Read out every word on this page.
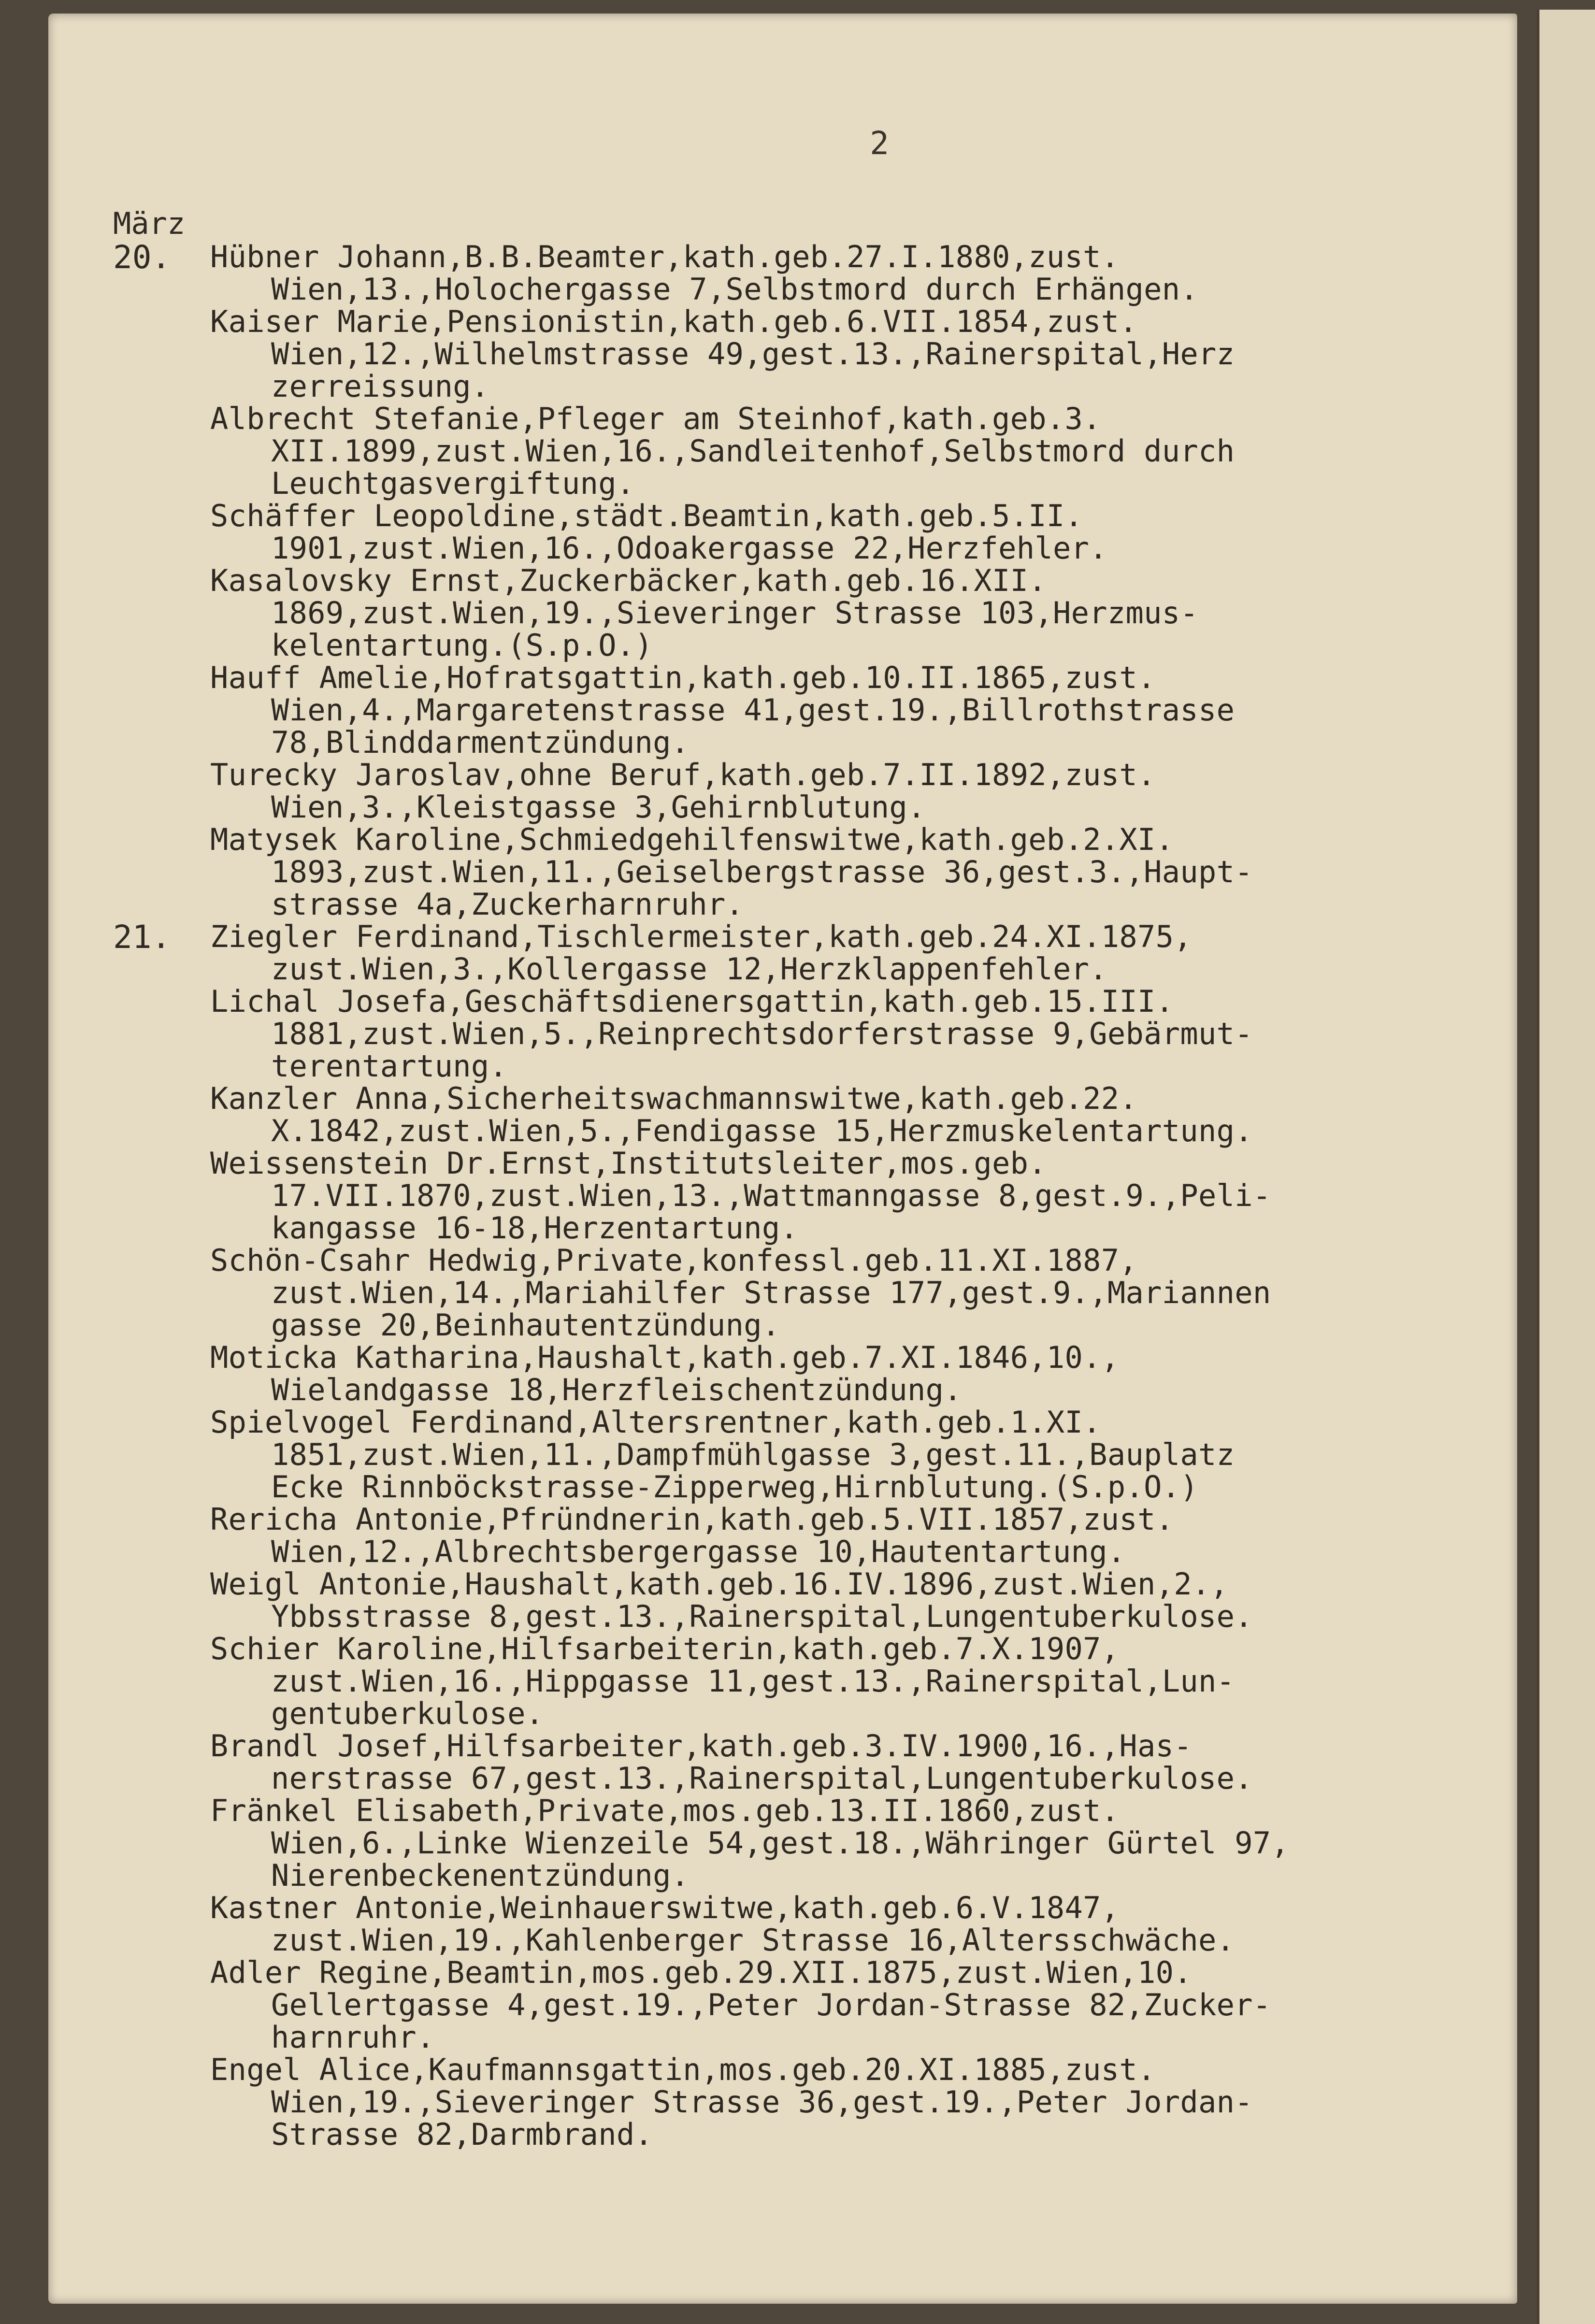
2
März
20.
21.
Hübner Johann,B.B.Beamter,kath.geb.27.I.1880,zust.
Wien,13.,Holochergasse 7,Selbstmord durch Erhängen.
Kaiser Marie,Pensionistin,kath.geb.6.VII.1854,zust.
Wien,12.,Wilhelmstrasse 49,gest.13.,Rainerspital,Herz
zerreissung.
Albrecht Stefanie,Pfleger am Steinhof,kath.geb.3.
XII.1899,zust.Wien,16.,Sandleitenhof,Selbstmord durch
Leuchtgasvergiftung.
Schäffer Leopoldine,städt.Beamtin,kath.geb.5.II.
1901,zust.Wien,16.,Odoakergasse 22,Herzfehler.
Kasalovsky Ernst,Zuckerbäcker,kath.geb.16.XII.
1869,zust.Wien,19.,Sieveringer Strasse 103,Herzmus-
kelentartung.(S.p.O.)
Hauff Amelie,Hofratsgattin,kath.geb.10.II.1865,zust.
Wien,4.,Margaretenstrasse 41,gest.19.,Billrothstrasse
78,Blinddarmentzündung.
Turecky Jaroslav,ohne Beruf,kath.geb.7.II.1892,zust.
Wien,3.,Kleistgasse 3,Gehirnblutung.
Matysek Karoline,Schmiedgehilfenswitwe,kath.geb.2.XI.
1893,zust.Wien,11.,Geiselbergstrasse 36,gest.3.,Haupt-
strasse 4a,Zuckerharnruhr.
Ziegler Ferdinand,Tischlermeister,kath.geb.24.XI.1875,
zust.Wien,3.,Kollergasse 12,Herzklappenfehler.
Lichal Josefa,Geschäftsdienersgattin,kath.geb.15.III.
1881,zust.Wien,5.,Reinprechtsdorferstrasse 9,Gebärmut-
terentartung.
Kanzler Anna,Sicherheitswachmannswitwe,kath.geb.22.
X.1842,zust.Wien,5.,Fendigasse 15,Herzmuskelentartung.
Weissenstein Dr.Ernst,Institutsleiter,mos.geb.
17.VII.1870,zust.Wien,13.,Wattmanngasse 8,gest.9.,Peli-
kangasse 16-18,Herzentartung.
Schön-Csahr Hedwig,Private,konfessl.geb.11.XI.1887,
zust.Wien,14.,Mariahilfer Strasse 177,gest.9.,Mariannen
gasse 20,Beinhautentzündung.
Moticka Katharina,Haushalt,kath.geb.7.XI.1846,10.,
Wielandgasse 18,Herzfleischentzündung.
Spielvogel Ferdinand,Altersrentner,kath.geb.1.XI.
1851,zust.Wien,11.,Dampfmühlgasse 3,gest.11.,Bauplatz
Ecke Rinnböckstrasse-Zipperweg,Hirnblutung.(S.p.O.)
Rericha Antonie,Pfründnerin,kath.geb.5.VII.1857,zust.
Wien,12.,Albrechtsbergergasse 10,Hautentartung.
Weigl Antonie,Haushalt,kath.geb.16.IV.1896,zust.Wien,2.,
Ybbsstrasse 8,gest.13.,Rainerspital,Lungentuberkulose.
Schier Karoline,Hilfsarbeiterin,kath.geb.7.X.1907,
zust.Wien,16.,Hippgasse 11,gest.13.,Rainerspital,Lun-
gentuberkulose.
Brandl Josef,Hilfsarbeiter,kath.geb.3.IV.1900,16.,Has-
nerstrasse 67,gest.13.,Rainerspital,Lungentuberkulose.
Fränkel Elisabeth,Private,mos.geb.13.II.1860,zust.
Wien,6.,Linke Wienzeile 54,gest.18.,Währinger Gürtel 97,
Nierenbeckenentzündung.
Kastner Antonie,Weinhauerswitwe,kath.geb.6.V.1847,
zust.Wien,19.,Kahlenberger Strasse 16,Altersschwäche.
Adler Regine,Beamtin,mos.geb.29.XII.1875,zust.Wien,10.
Gellertgasse 4,gest.19.,Peter Jordan-Strasse 82,Zucker-
harnruhr.
Engel Alice,Kaufmannsgattin,mos.geb.20.XI.1885,zust.
Wien,19.,Sieveringer Strasse 36,gest.19.,Peter Jordan-
Strasse 82,Darmbrand.
